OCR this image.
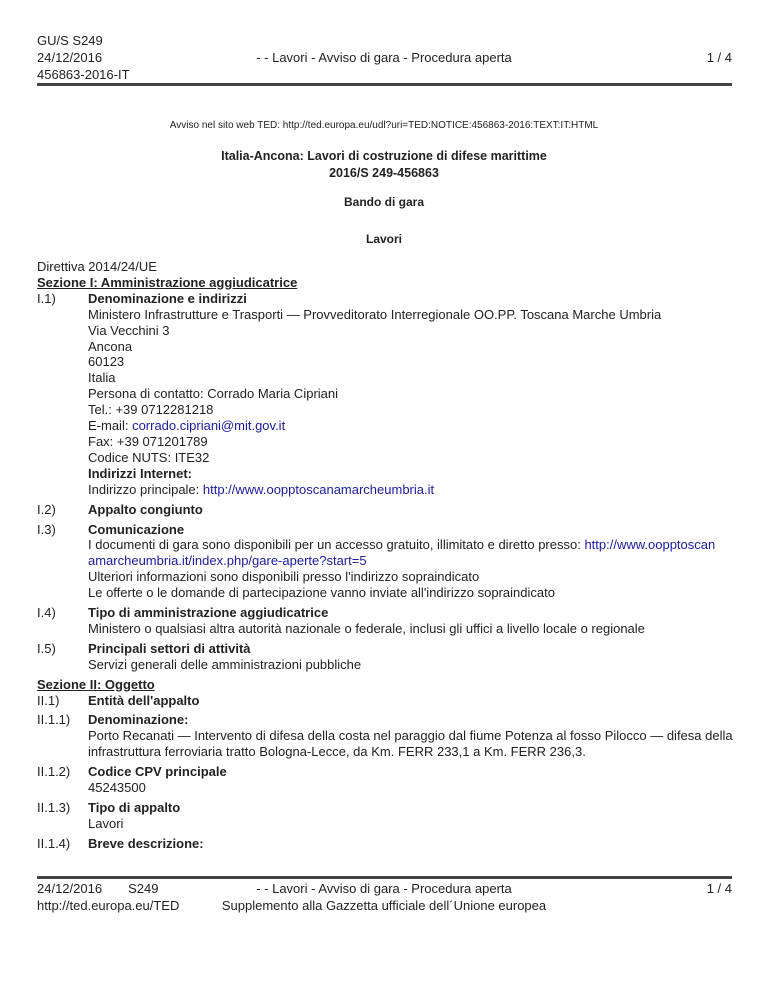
GU/S S249
24/12/2016
456863-2016-IT
- - Lavori - Avviso di gara - Procedura aperta	1 / 4
Avviso nel sito web TED: http://ted.europa.eu/udl?uri=TED:NOTICE:456863-2016:TEXT:IT:HTML
Italia-Ancona: Lavori di costruzione di difese marittime
2016/S 249-456863
Bando di gara
Lavori
Direttiva 2014/24/UE
Sezione I: Amministrazione aggiudicatrice
I.1)	Denominazione e indirizzi
Ministero Infrastrutture e Trasporti — Provveditorato Interregionale OO.PP. Toscana Marche Umbria
Via Vecchini 3
Ancona
60123
Italia
Persona di contatto: Corrado Maria Cipriani
Tel.: +39 0712281218
E-mail: corrado.cipriani@mit.gov.it
Fax: +39 071201789
Codice NUTS: ITE32
Indirizzi Internet:
Indirizzo principale: http://www.oopptoscanamarcheumbria.it
I.2)	Appalto congiunto
I.3)	Comunicazione
I documenti di gara sono disponibili per un accesso gratuito, illimitato e diretto presso: http://www.oopptoscanamarcheumbria.it/index.php/gare-aperte?start=5
Ulteriori informazioni sono disponibili presso l'indirizzo sopraindicato
Le offerte o le domande di partecipazione vanno inviate all'indirizzo sopraindicato
I.4)	Tipo di amministrazione aggiudicatrice
Ministero o qualsiasi altra autorità nazionale o federale, inclusi gli uffici a livello locale o regionale
I.5)	Principali settori di attività
Servizi generali delle amministrazioni pubbliche
Sezione II: Oggetto
II.1)	Entità dell'appalto
II.1.1)	Denominazione:
Porto Recanati — Intervento di difesa della costa nel paraggio dal fiume Potenza al fosso Pilocco — difesa della infrastruttura ferroviaria tratto Bologna-Lecce, da Km. FERR 233,1 a Km. FERR 236,3.
II.1.2)	Codice CPV principale
45243500
II.1.3)	Tipo di appalto
Lavori
II.1.4)	Breve descrizione:
24/12/2016 S249
http://ted.europa.eu/TED
- - Lavori - Avviso di gara - Procedura aperta
Supplemento alla Gazzetta ufficiale dell´Unione europea
1 / 4
